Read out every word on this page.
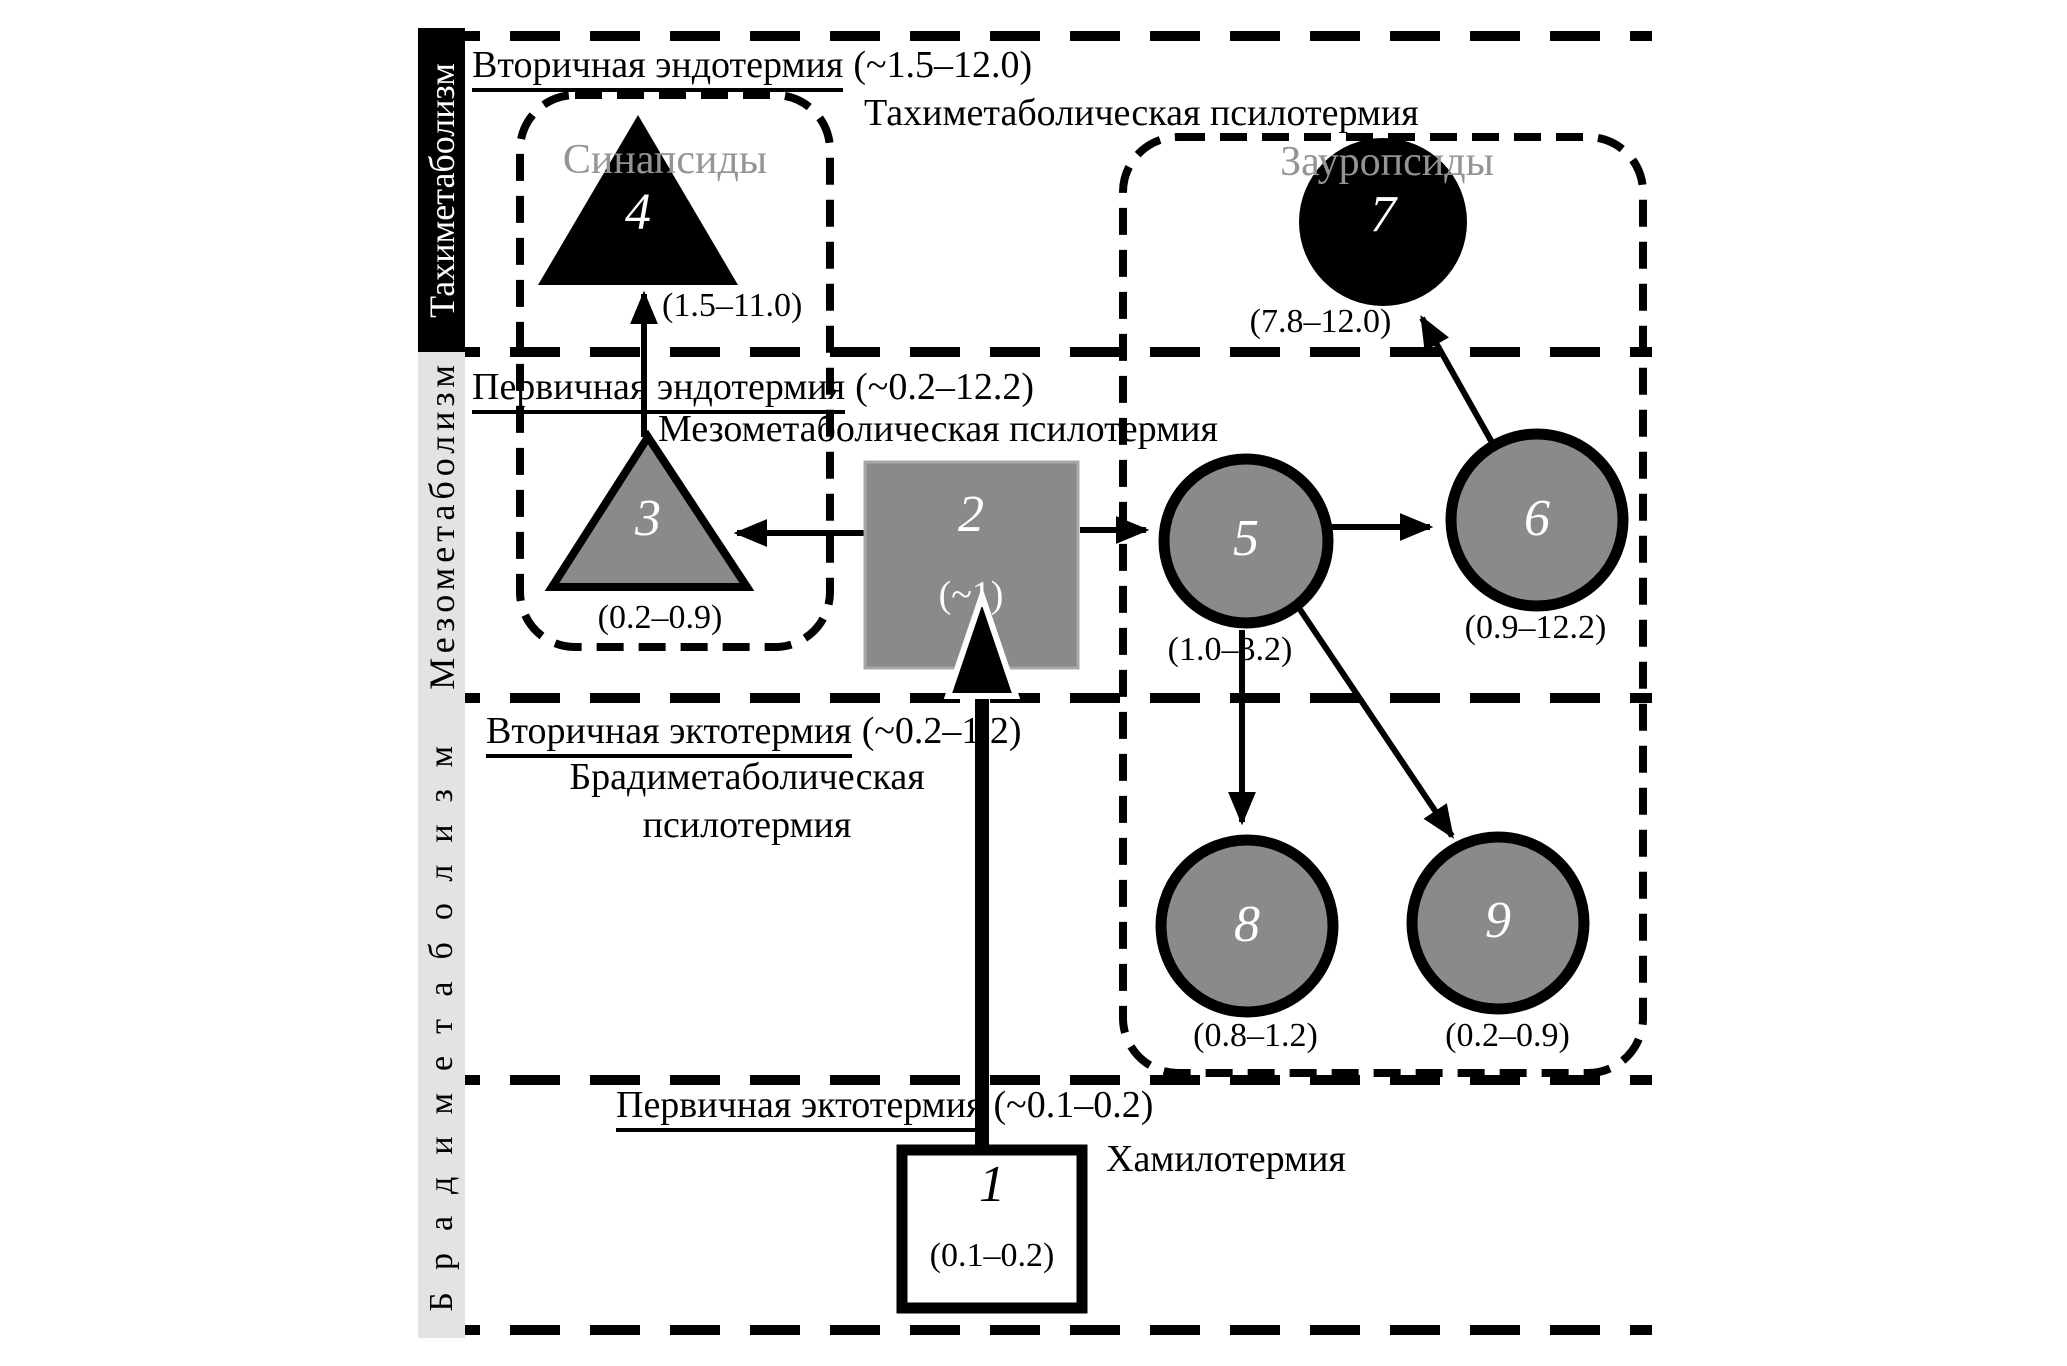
Тахиметаболизм
Мезометаболизм
Брадиметаболизм
Вторичная эндотермия (~1.5–12.0)
Тахиметаболическая псилотермия
Первичная эндотермия (~0.2–12.2)
Мезометаболическая псилотермия
Вторичная эктотермия (~0.2–1.2)
Брадиметаболическая
псилотермия
Первичная эктотермия (~0.1–0.2)
Хамилотермия
Синапсиды	Зауропсиды
4
3	2	5	6
7
8	9
1
(1.5–11.0)
(0.2–0.9)
(~1)
(1.0–3.2)
(0.9–12.2)
(7.8–12.0)
(0.8–1.2)	(0.2–0.9)
(0.1–0.2)
